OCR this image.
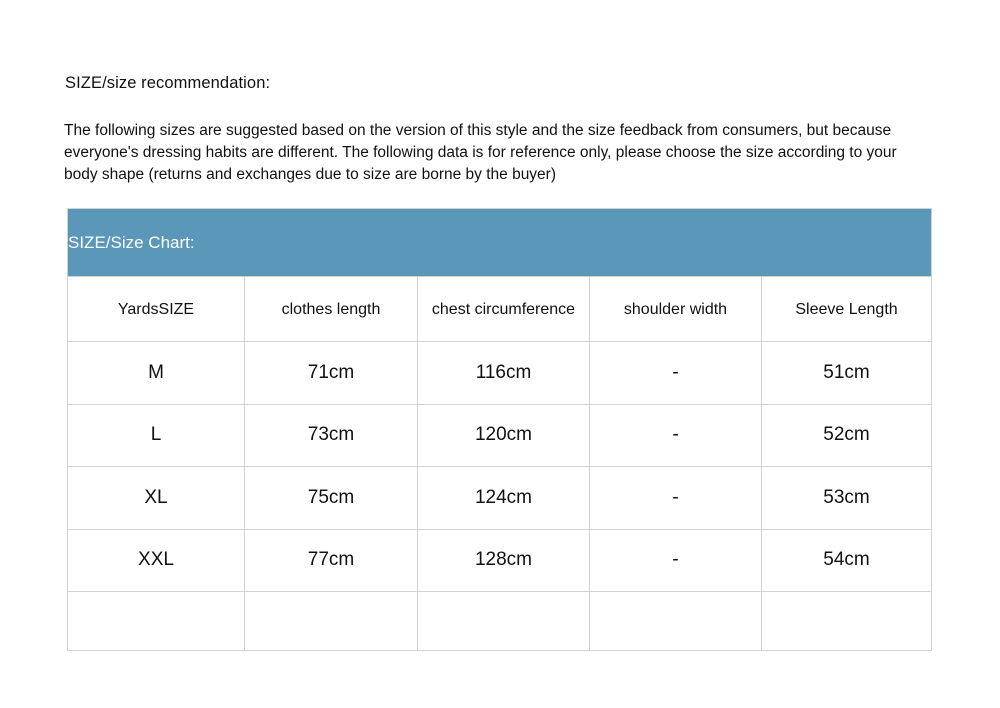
SIZE/size recommendation:
The following sizes are suggested based on the version of this style and the size feedback from consumers, but because everyone's dressing habits are different. The following data is for reference only, please choose the size according to your body shape (returns and exchanges due to size are borne by the buyer)
SIZE/Size Chart:				

YardsSIZE	clothes length	chest circumference	shoulder width	Sleeve Length

M	71cm	116cm	-	51cm
L	73cm	120cm	-	52cm
XL	75cm	124cm	-	53cm
XXL	77cm	128cm	-	54cm
